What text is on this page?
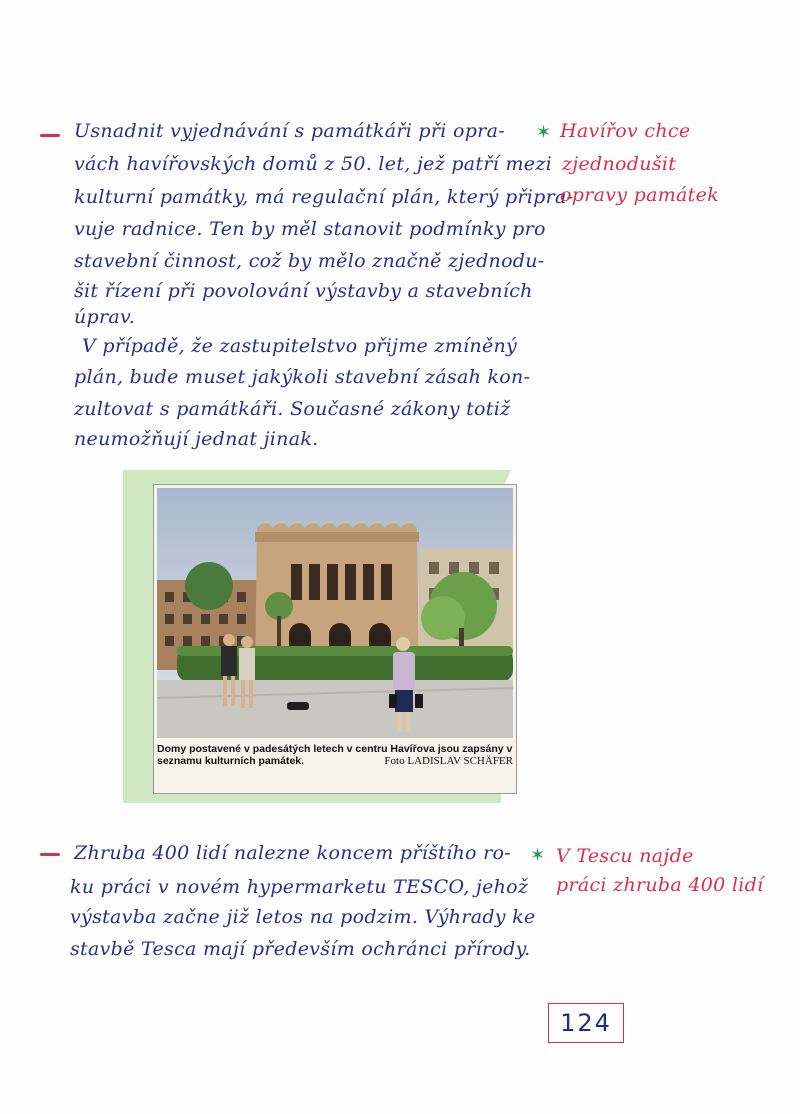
Usnadnit vyjednávání s památkáři při opra-
vách havířovských domů z 50. let, jež patří mezi
kulturní památky, má regulační plán, který připra-
vuje radnice. Ten by měl stanovit podmínky pro
stavební činnost, což by mělo značně zjednodu-
šit řízení při povolování výstavby a stavebních
úprav.
V případě, že zastupitelstvo přijme zmíněný
plán, bude muset jakýkoli stavební zásah kon-
zultovat s památkáři. Současné zákony totiž
neumožňují jednat jinak.
✶ Havířov chce
zjednodušit
opravy památek
Domy postavené v padesátých letech v centru Havířova jsou zapsány v seznamu kulturních památek.	Foto LADISLAV SCHÄFER
Zhruba 400 lidí nalezne koncem příštího ro-
ku práci v novém hypermarketu TESCO, jehož
výstavba začne již letos na podzim. Výhrady ke
stavbě Tesca mají především ochránci přírody.
✶ V Tescu najde
práci zhruba 400 lidí
124
